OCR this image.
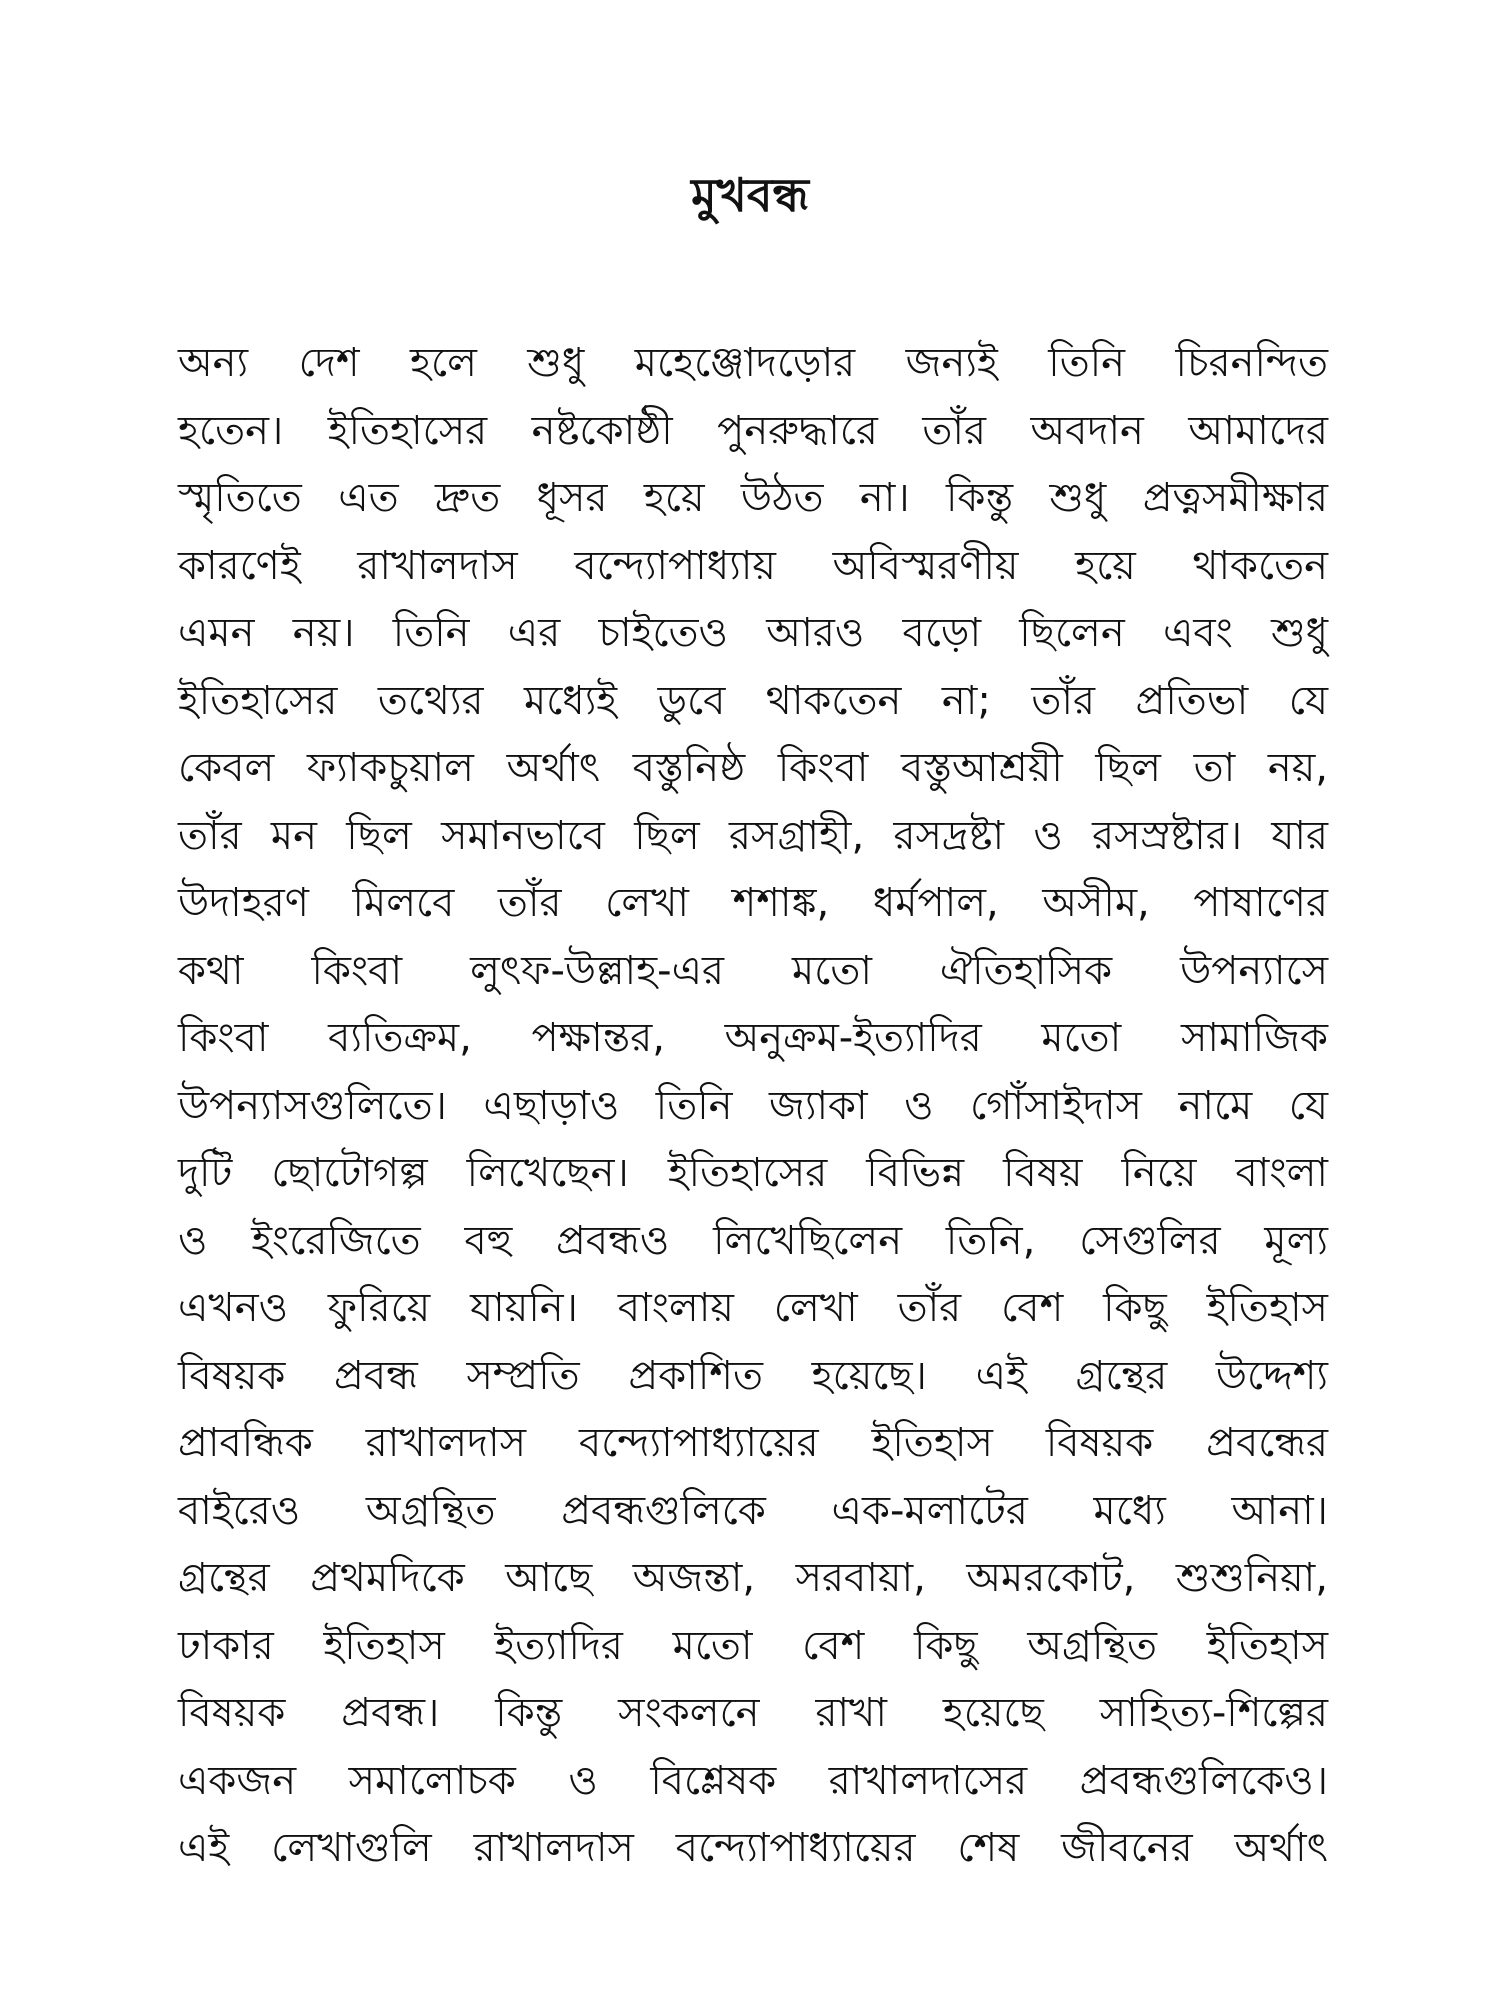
মুখবন্ধ
অন্য দেশ হলে শুধু মহেঞ্জোদড়োর জন্যই তিনি চিরনন্দিত
হতেন। ইতিহাসের নষ্টকোষ্ঠী পুনরুদ্ধারে তাঁর অবদান আমাদের
স্মৃতিতে এত দ্রুত ধূসর হয়ে উঠত না। কিন্তু শুধু প্রত্নসমীক্ষার
কারণেই রাখালদাস বন্দ্যোপাধ্যায় অবিস্মরণীয় হয়ে থাকতেন
এমন নয়। তিনি এর চাইতেও আরও বড়ো ছিলেন এবং শুধু
ইতিহাসের তথ্যের মধ্যেই ডুবে থাকতেন না; তাঁর প্রতিভা যে
কেবল ফ্যাকচুয়াল অর্থাৎ বস্তুনিষ্ঠ কিংবা বস্তুআশ্রয়ী ছিল তা নয়,
তাঁর মন ছিল সমানভাবে ছিল রসগ্রাহী, রসদ্রষ্টা ও রসস্রষ্টার। যার
উদাহরণ মিলবে তাঁর লেখা শশাঙ্ক, ধর্মপাল, অসীম, পাষাণের
কথা কিংবা লুৎফ-উল্লাহ-এর মতো ঐতিহাসিক উপন্যাসে
কিংবা ব্যতিক্রম, পক্ষান্তর, অনুক্রম-ইত্যাদির মতো সামাজিক
উপন্যাসগুলিতে। এছাড়াও তিনি জ্যাকা ও গোঁসাইদাস নামে যে
দুটি ছোটোগল্প লিখেছেন। ইতিহাসের বিভিন্ন বিষয় নিয়ে বাংলা
ও ইংরেজিতে বহু প্রবন্ধও লিখেছিলেন তিনি, সেগুলির মূল্য
এখনও ফুরিয়ে যায়নি। বাংলায় লেখা তাঁর বেশ কিছু ইতিহাস
বিষয়ক প্রবন্ধ সম্প্রতি প্রকাশিত হয়েছে। এই গ্রন্থের উদ্দেশ্য
প্রাবন্ধিক রাখালদাস বন্দ্যোপাধ্যায়ের ইতিহাস বিষয়ক প্রবন্ধের
বাইরেও অগ্রন্থিত প্রবন্ধগুলিকে এক-মলাটের মধ্যে আনা।
গ্রন্থের প্রথমদিকে আছে অজন্তা, সরবায়া, অমরকোট, শুশুনিয়া,
ঢাকার ইতিহাস ইত্যাদির মতো বেশ কিছু অগ্রন্থিত ইতিহাস
বিষয়ক প্রবন্ধ। কিন্তু সংকলনে রাখা হয়েছে সাহিত্য-শিল্পের
একজন সমালোচক ও বিশ্লেষক রাখালদাসের প্রবন্ধগুলিকেও।
এই লেখাগুলি রাখালদাস বন্দ্যোপাধ্যায়ের শেষ জীবনের অর্থাৎ
